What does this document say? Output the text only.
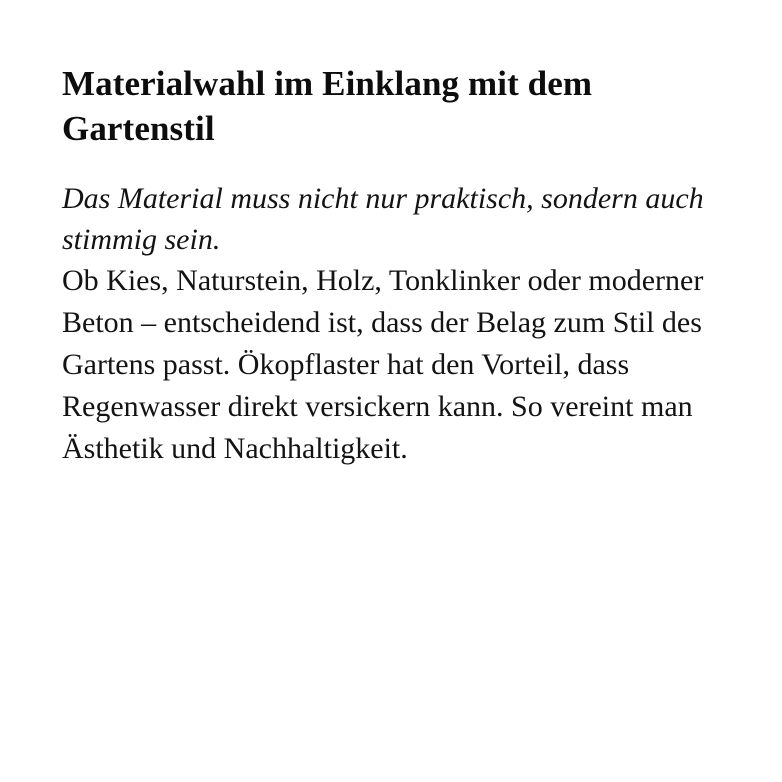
Materialwahl im Einklang mit dem Gartenstil

Das Material muss nicht nur praktisch, sondern auch stimmig sein.

Ob Kies, Naturstein, Holz, Tonklinker oder moderner Beton – entscheidend ist, dass der Belag zum Stil des Gartens passt. Ökopflaster hat den Vorteil, dass Regenwasser direkt versickern kann. So vereint man Ästhetik und Nachhaltigkeit.
